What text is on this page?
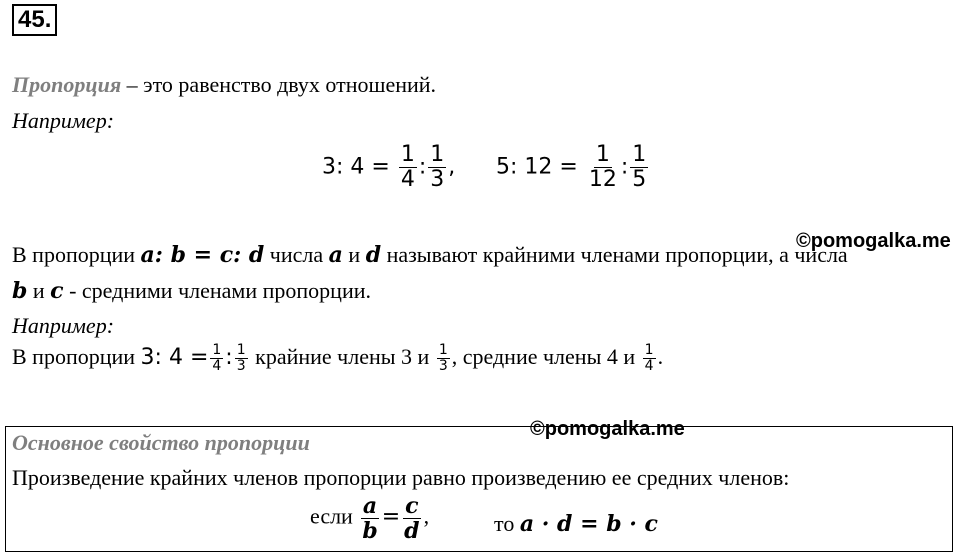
45.
Пропорция – это равенство двух отношений.
Например:
3: $4 = \frac{1}{4}$ : $\frac{1}{3}$ , 5: $12 = \frac{1}{12}$ : $\frac{1}{5}$
©pomogalka.me
В пропорции a: b = c: d числа a и d называют крайними членами пропорции, а числа
b и c - средними членами пропорции.
Например:
В пропорции 3: $4 = \frac{1}{4}$ : $\frac{1}{3}$ крайние члены 3 и $\frac{1}{3}$ , средние члены 4 и $\frac{1}{4}$ .
©pomogalka.me
Основное свойство пропорции
Произведение крайних членов пропорции равно произведению ее средних членов:
если $\frac{a}{b} = \frac{c}{d}$ ,	то a · d = b · c
